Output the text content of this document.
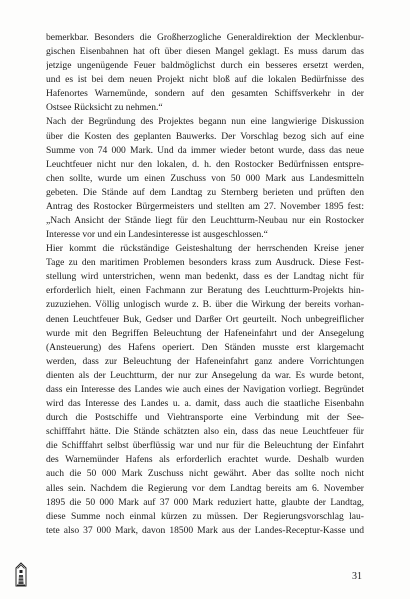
bemerkbar. Besonders die Großherzogliche Generaldirektion der Mecklenbur-
gischen Eisenbahnen hat oft über diesen Mangel geklagt. Es muss darum das
jetzige ungenügende Feuer baldmöglichst durch ein besseres ersetzt werden,
und es ist bei dem neuen Projekt nicht bloß auf die lokalen Bedürfnisse des
Hafenortes Warnemünde, sondern auf den gesamten Schiffsverkehr in der
Ostsee Rücksicht zu nehmen.“
Nach der Begründung des Projektes begann nun eine langwierige Diskussion
über die Kosten des geplanten Bauwerks. Der Vorschlag bezog sich auf eine
Summe von 74 000 Mark. Und da immer wieder betont wurde, dass das neue
Leuchtfeuer nicht nur den lokalen, d. h. den Rostocker Bedürfnissen entspre-
chen sollte, wurde um einen Zuschuss von 50 000 Mark aus Landesmitteln
gebeten. Die Stände auf dem Landtag zu Sternberg berieten und prüften den
Antrag des Rostocker Bürgermeisters und stellten am 27. November 1895 fest:
„Nach Ansicht der Stände liegt für den Leuchtturm-Neubau nur ein Rostocker
Interesse vor und ein Landesinteresse ist ausgeschlossen.“
Hier kommt die rückständige Geisteshaltung der herrschenden Kreise jener
Tage zu den maritimen Problemen besonders krass zum Ausdruck. Diese Fest-
stellung wird unterstrichen, wenn man bedenkt, dass es der Landtag nicht für
erforderlich hielt, einen Fachmann zur Beratung des Leuchtturm-Projekts hin-
zuzuziehen. Völlig unlogisch wurde z. B. über die Wirkung der bereits vorhan-
denen Leuchtfeuer Buk, Gedser und Darßer Ort geurteilt. Noch unbegreiflicher
wurde mit den Begriffen Beleuchtung der Hafeneinfahrt und der Ansegelung
(Ansteuerung) des Hafens operiert. Den Ständen musste erst klargemacht
werden, dass zur Beleuchtung der Hafeneinfahrt ganz andere Vorrichtungen
dienten als der Leuchtturm, der nur zur Ansegelung da war. Es wurde betont,
dass ein Interesse des Landes wie auch eines der Navigation vorliegt. Begründet
wird das Interesse des Landes u. a. damit, dass auch die staatliche Eisenbahn
durch die Postschiffe und Viehtransporte eine Verbindung mit der See-
schifffahrt hätte. Die Stände schätzten also ein, dass das neue Leuchtfeuer für
die Schifffahrt selbst überflüssig war und nur für die Beleuchtung der Einfahrt
des Warnemünder Hafens als erforderlich erachtet wurde. Deshalb wurden
auch die 50 000 Mark Zuschuss nicht gewährt. Aber das sollte noch nicht
alles sein. Nachdem die Regierung vor dem Landtag bereits am 6. November
1895 die 50 000 Mark auf 37 000 Mark reduziert hatte, glaubte der Landtag,
diese Summe noch einmal kürzen zu müssen. Der Regierungsvorschlag lau-
tete also 37 000 Mark, davon 18500 Mark aus der Landes-Receptur-Kasse und
31
